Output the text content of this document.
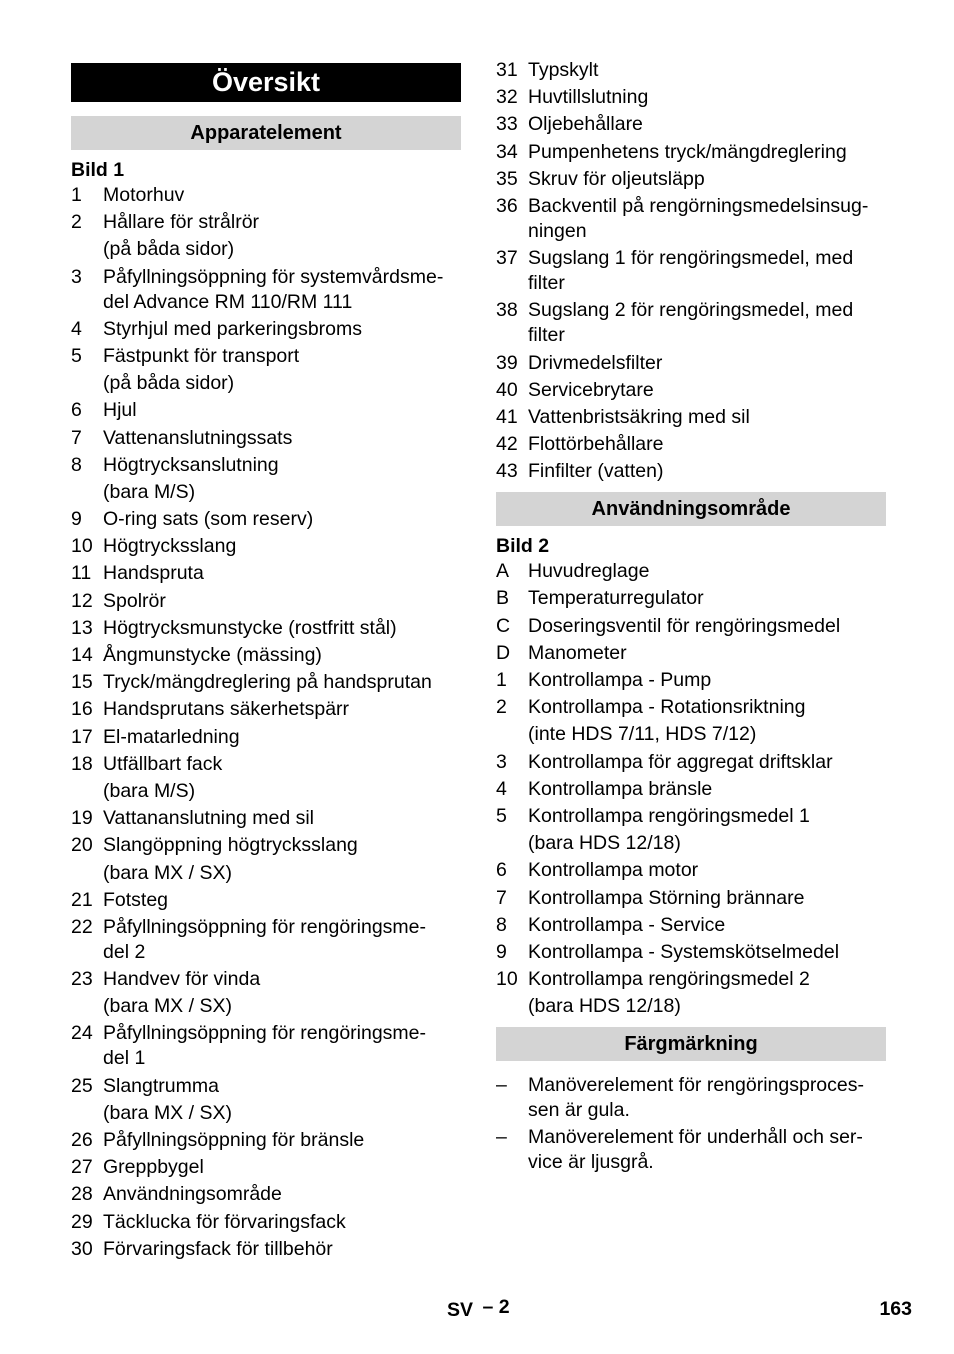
Översikt
Apparatelement
Bild 1
1	Motorhuv
2	Hållare för strålrör
(på båda sidor)
3	Påfyllningsöppning för systemvårdsme-
del Advance RM 110/RM 111
4	Styrhjul med parkeringsbroms
5	Fästpunkt för transport
(på båda sidor)
6	Hjul
7	Vattenanslutningssats
8	Högtrycksanslutning
(bara M/S)
9	O-ring sats (som reserv)
10 Högtrycksslang
11 Handspruta
12 Spolrör
13 Högtrycksmunstycke (rostfritt stål)
14 Ångmunstycke (mässing)
15 Tryck/mängdreglering på handsprutan
16 Handsprutans säkerhetspärr
17 El-matarledning
18 Utfällbart fack
(bara M/S)
19 Vattananslutning med sil
20 Slangöppning högtrycksslang
(bara MX / SX)
21 Fotsteg
22 Påfyllningsöppning för rengöringsme-
del 2
23 Handvev för vinda
(bara MX / SX)
24 Påfyllningsöppning för rengöringsme-
del 1
25 Slangtrumma
(bara MX / SX)
26 Påfyllningsöppning för bränsle
27 Greppbygel
28 Användningsområde
29 Täcklucka för förvaringsfack
30 Förvaringsfack för tillbehör
31 Typskylt
32 Huvtillslutning
33 Oljebehållare
34 Pumpenhetens tryck/mängdreglering
35 Skruv för oljeutsläpp
36 Backventil på rengörningsmedelsinsug-
ningen
37 Sugslang 1 för rengöringsmedel, med
filter
38 Sugslang 2 för rengöringsmedel, med
filter
39 Drivmedelsfilter
40 Servicebrytare
41 Vattenbristsäkring med sil
42 Flottörbehållare
43 Finfilter (vatten)
Användningsområde
Bild 2
A Huvudreglage
B Temperaturregulator
C Doseringsventil för rengöringsmedel
D Manometer
1	Kontrollampa - Pump
2	Kontrollampa - Rotationsriktning
(inte HDS 7/11, HDS 7/12)
3	Kontrollampa för aggregat driftsklar
4	Kontrollampa bränsle
5	Kontrollampa rengöringsmedel 1
(bara HDS 12/18)
6	Kontrollampa motor
7	Kontrollampa Störning brännare
8	Kontrollampa - Service
9	Kontrollampa - Systemskötselmedel
10 Kontrollampa rengöringsmedel 2
(bara HDS 12/18)
Färgmärkning
–	Manöverelement för rengöringsproces-
sen är gula.
–	Manöverelement för underhåll och ser-
vice är ljusgrå.
SV – 2	163
